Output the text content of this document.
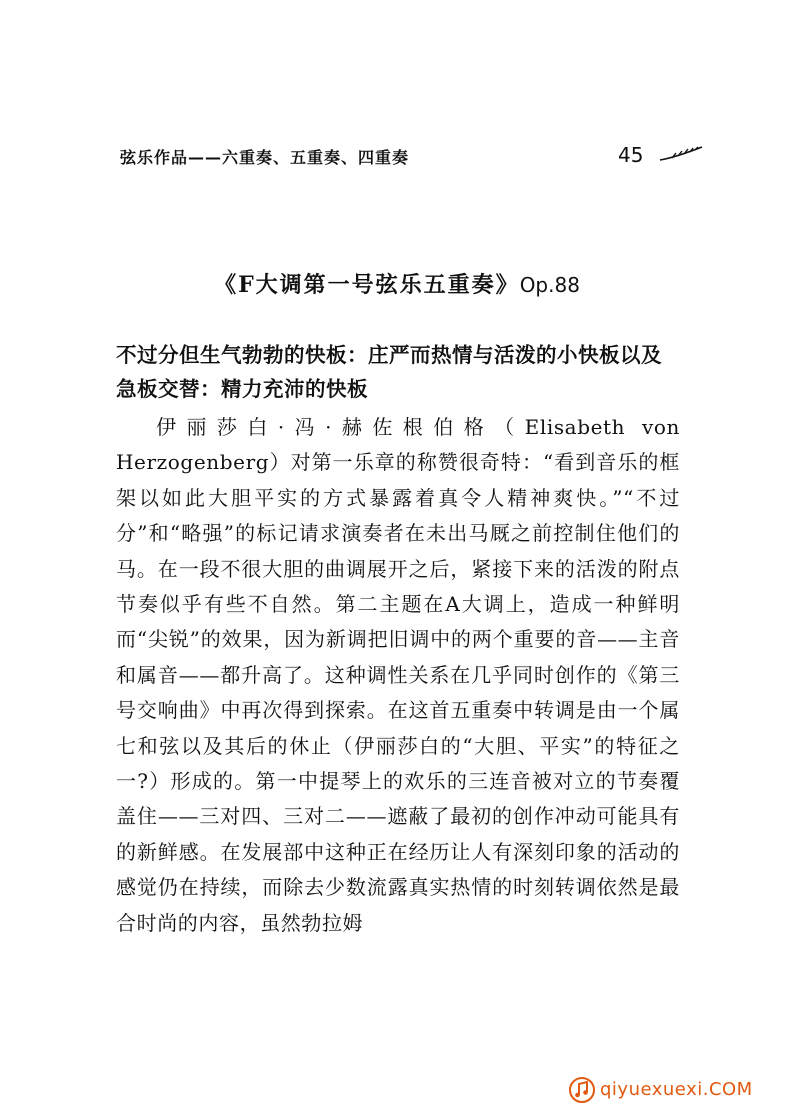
弦乐作品——六重奏、五重奏、四重奏	45
《F大调第一号弦乐五重奏》Op.88
不过分但生气勃勃的快板：庄严而热情与活泼的小快板以及急板交替：精力充沛的快板

伊丽莎白·冯·赫佐根伯格（Elisabeth von Herzogenberg）对第一乐章的称赞很奇特：“看到音乐的框架以如此大胆平实的方式暴露着真令人精神爽快。”“不过分”和“略强”的标记请求演奏者在未出马厩之前控制住他们的马。在一段不很大胆的曲调展开之后，紧接下来的活泼的附点节奏似乎有些不自然。第二主题在A大调上，造成一种鲜明而“尖锐”的效果，因为新调把旧调中的两个重要的音——主音和属音——都升高了。这种调性关系在几乎同时创作的《第三号交响曲》中再次得到探索。在这首五重奏中转调是由一个属七和弦以及其后的休止（伊丽莎白的“大胆、平实”的特征之一?）形成的。第一中提琴上的欢乐的三连音被对立的节奏覆盖住——三对四、三对二——遮蔽了最初的创作冲动可能具有的新鲜感。在发展部中这种正在经历让人有深刻印象的活动的感觉仍在持续，而除去少数流露真实热情的时刻转调依然是最合时尚的内容，虽然勃拉姆

qiyuexuexi.COM
